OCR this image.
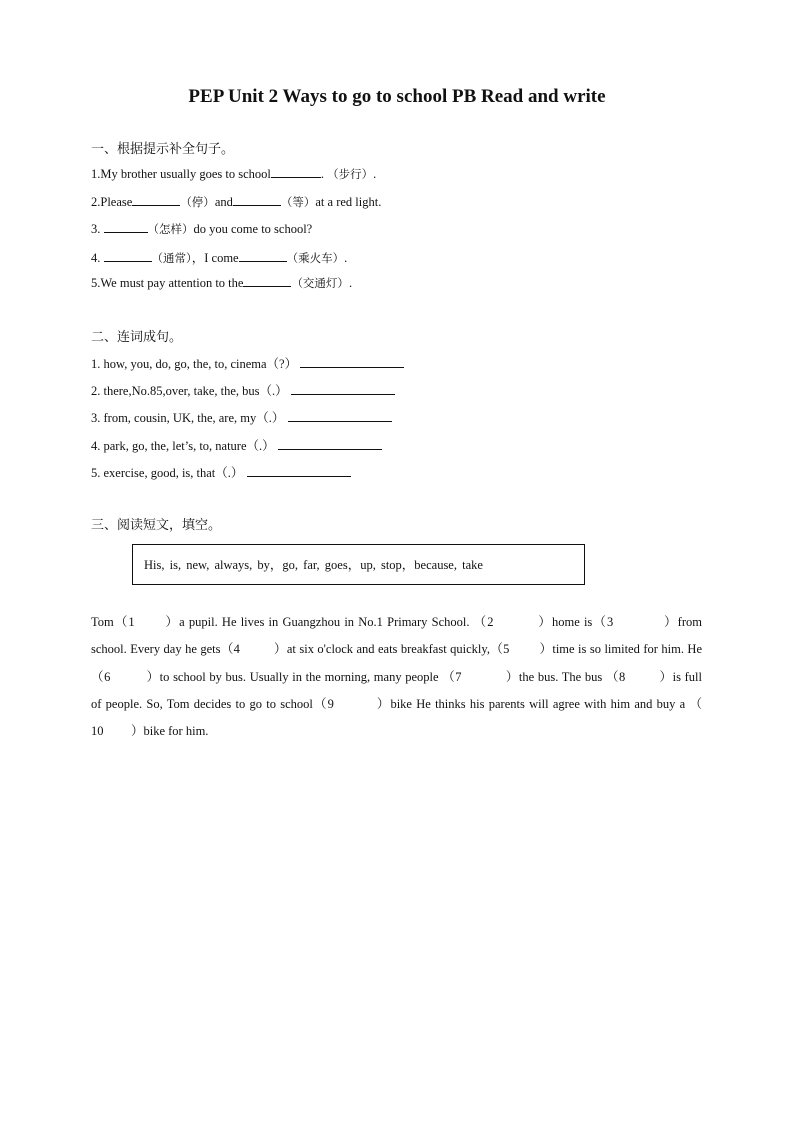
PEP Unit 2 Ways to go to school PB Read and write
一、根据提示补全句子。
1.My brother usually goes to school	. （步行）.
2.Please	（停）and	（等）at a red light.
3.	（怎样）do you come to school?
4.	（通常），I come	（乘火车）.
5.We must pay attention to the	（交通灯）.
二、连词成句。
1. how, you, do, go, the, to, cinema（?）
2. there,No.85,over, take, the, bus（.）
3. from, cousin, UK, the, are, my（.）
4. park, go, the, let’s, to, nature（.）
5. exercise, good, is, that（.）
三、阅读短文，填空。
His, is, new, always, by，go, far, goes，up, stop，because, take
Tom（1 ）a pupil. He lives in Guangzhou in No.1 Primary School. （2	）home is（3	）from school. Every day he gets（4	）at six o'clock and eats breakfast quickly,（5 ）time is so limited for him. He（6	）to school by bus. Usually in the morning, many people （7	）the bus. The bus （8	）is full of people. So, Tom decides to go to school（9	）bike He thinks his parents will agree with him and buy a （10 ）bike for him.
